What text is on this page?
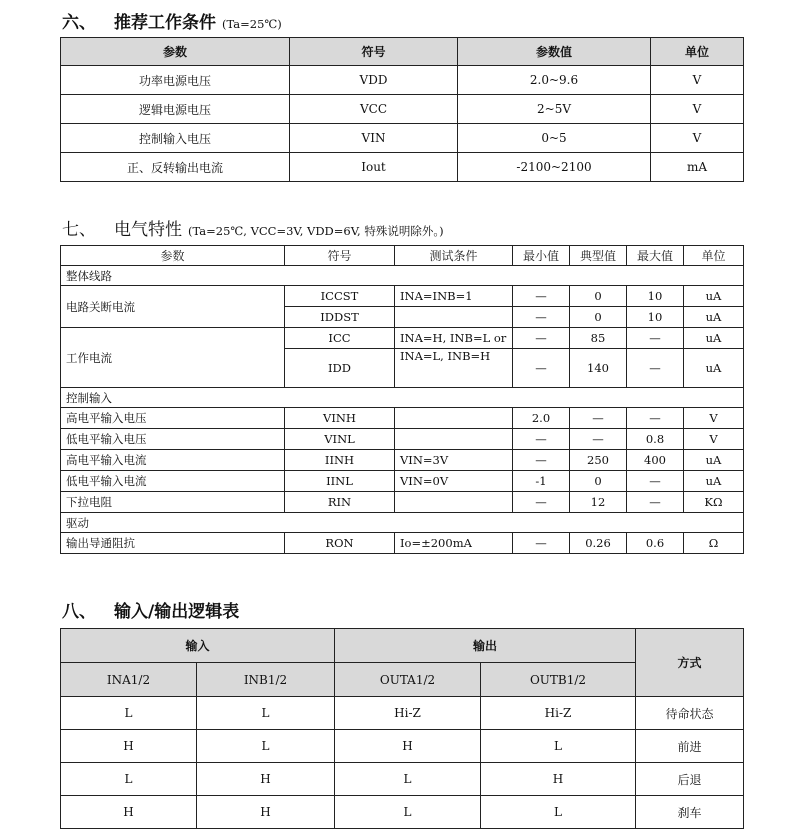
六、 推荐工作条件 (Ta=25℃)
参数	符号	参数值	单位
功率电源电压	VDD	2.0~9.6	V
逻辑电源电压	VCC	2~5V	V
控制输入电压	VIN	0~5	V
正、反转输出电流	Iout	-2100~2100	mA
七、 电气特性 (Ta=25℃, VCC=3V, VDD=6V, 特殊说明除外。)
参数	符号	测试条件	最小值	典型值	最大值	单位
整体线路						
电路关断电流	ICCST	INA=INB=1	—	0	10	uA
	IDDST		—	0	10	uA
工作电流	ICC	INA=H, INB=L or	—	85	—	uA
	IDD	INA=L, INB=H	—	140	—	uA
控制输入						
高电平输入电压	VINH		2.0	—	—	V
低电平输入电压	VINL		—	—	0.8	V
高电平输入电流	IINH	VIN=3V	—	250	400	uA
低电平输入电流	IINL	VIN=0V	-1	0	—	uA
下拉电阻	RIN		—	12	—	KΩ
驱动						
输出导通阻抗	RON	Io=±200mA	—	0.26	0.6	Ω
八、 输入/输出逻辑表
输入		输出		方式
INA1/2	INB1/2	OUTA1/2	OUTB1/2	
L	L	Hi-Z	Hi-Z	待命状态
H	L	H	L	前进
L	H	L	H	后退
H	H	L	L	刹车
